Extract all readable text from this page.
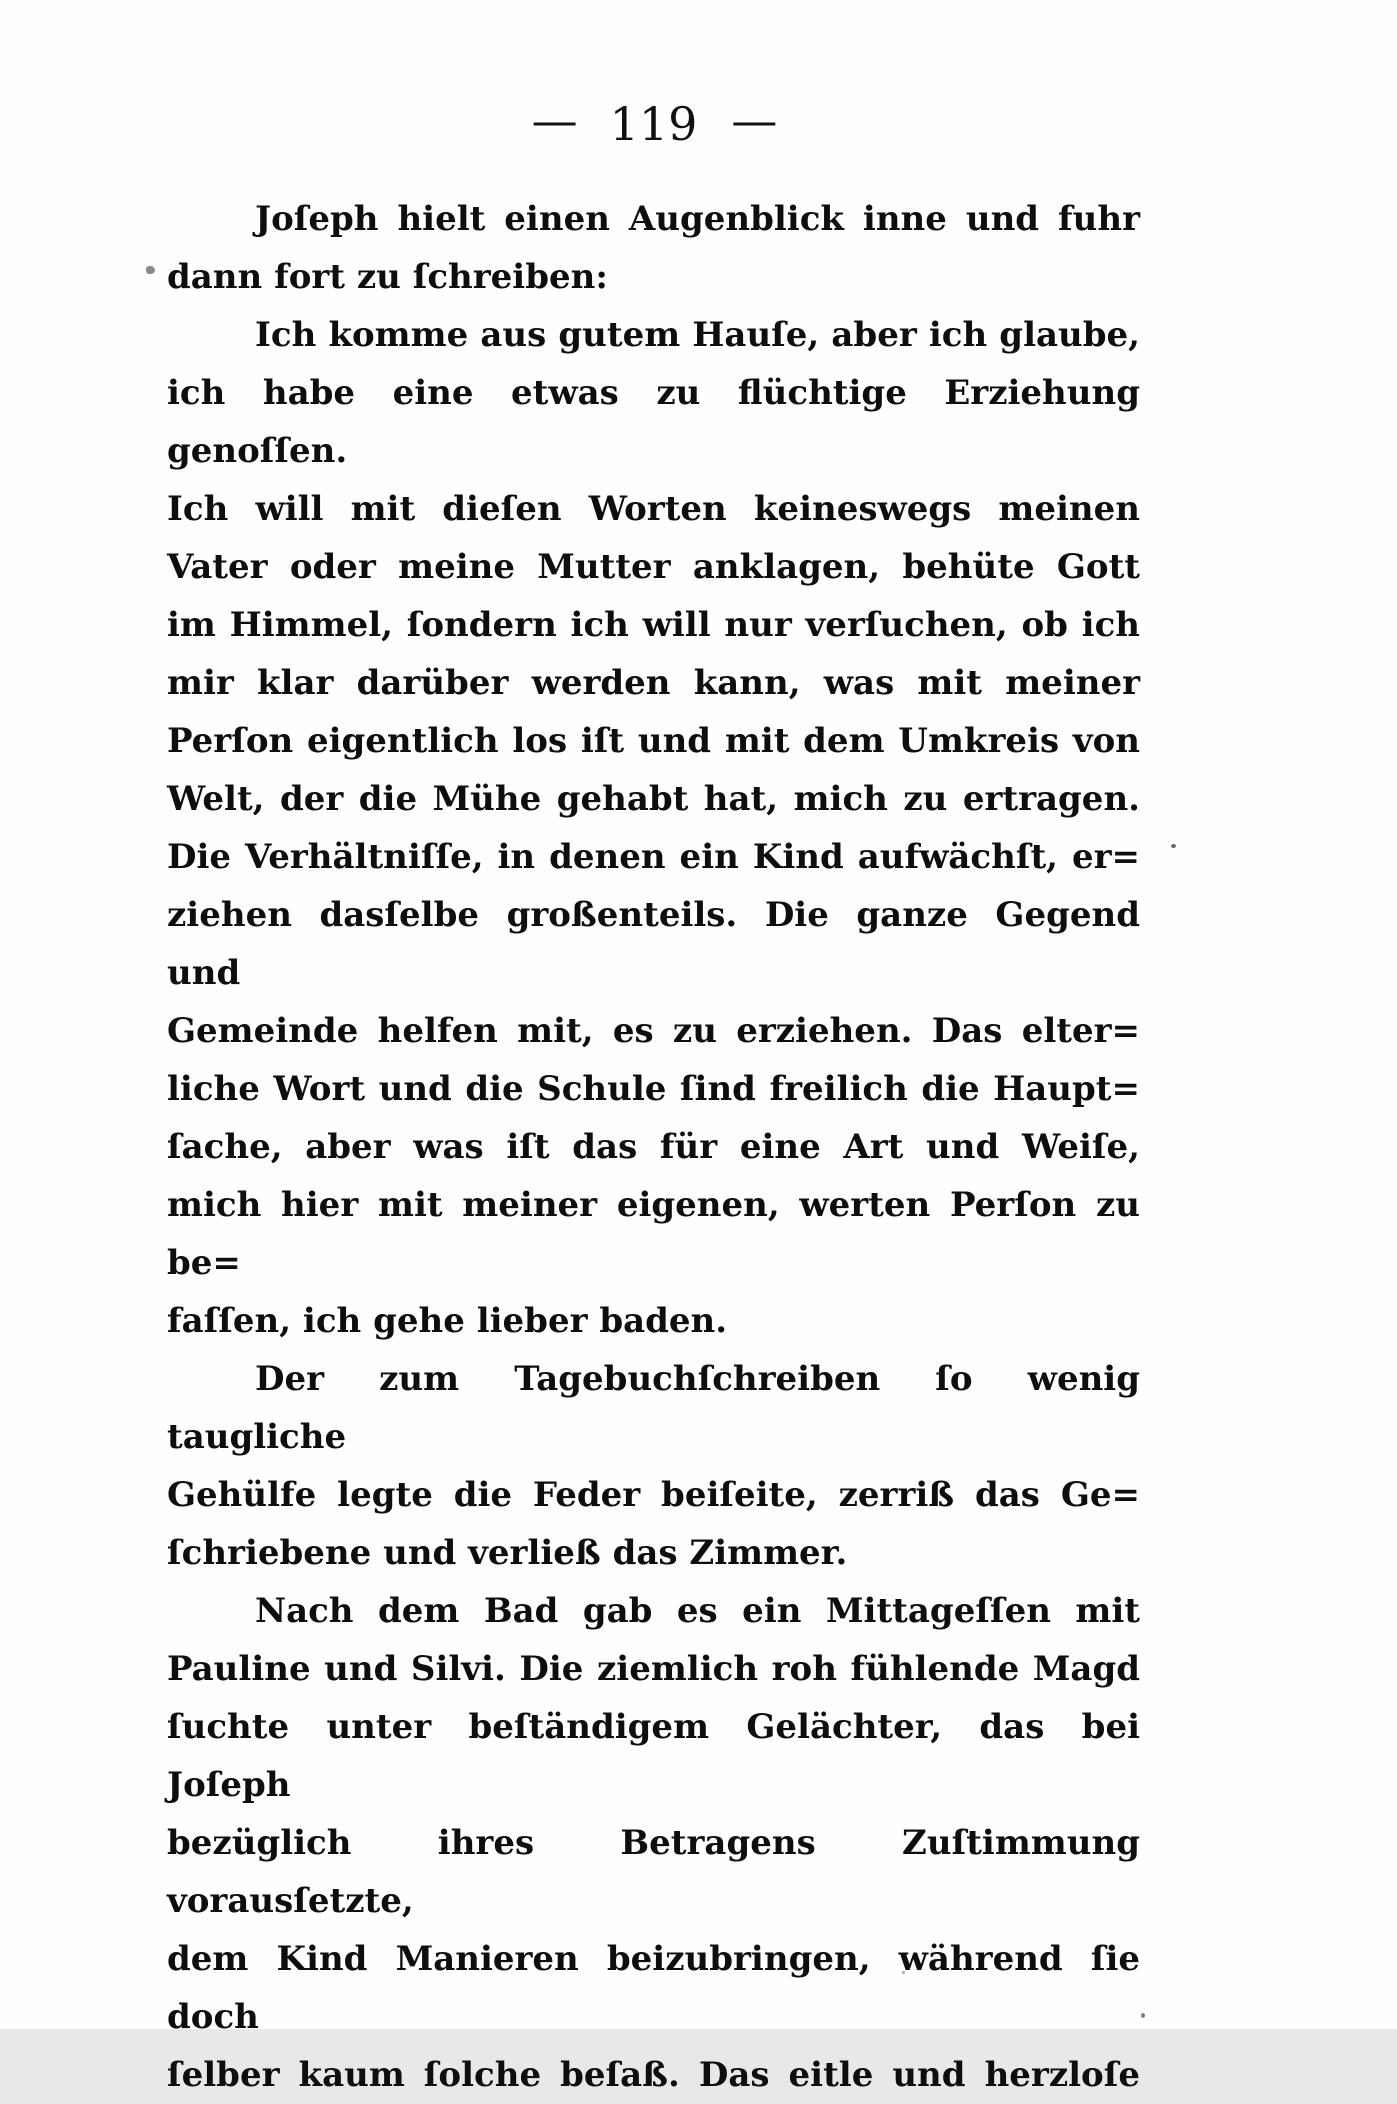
— 119 —
Joſeph hielt einen Augenblick inne und fuhr
dann fort zu ſchreiben:
Ich komme aus gutem Hauſe, aber ich glaube,
ich habe eine etwas zu flüchtige Erziehung genoſſen.
Ich will mit dieſen Worten keineswegs meinen
Vater oder meine Mutter anklagen, behüte Gott
im Himmel, ſondern ich will nur verſuchen, ob ich
mir klar darüber werden kann, was mit meiner
Perſon eigentlich los iſt und mit dem Umkreis von
Welt, der die Mühe gehabt hat, mich zu ertragen.
Die Verhältniſſe, in denen ein Kind aufwächſt, er=
ziehen dasſelbe großenteils. Die ganze Gegend und
Gemeinde helfen mit, es zu erziehen. Das elter=
liche Wort und die Schule ſind freilich die Haupt=
ſache, aber was iſt das für eine Art und Weiſe,
mich hier mit meiner eigenen, werten Perſon zu be=
faſſen, ich gehe lieber baden.
Der zum Tagebuchſchreiben ſo wenig taugliche
Gehülfe legte die Feder beiſeite, zerriß das Ge=
ſchriebene und verließ das Zimmer.
Nach dem Bad gab es ein Mittageſſen mit
Pauline und Silvi. Die ziemlich roh fühlende Magd
ſuchte unter beſtändigem Gelächter, das bei Joſeph
bezüglich ihres Betragens Zuſtimmung vorausſetzte,
dem Kind Manieren beizubringen, während ſie doch
ſelber kaum ſolche beſaß. Das eitle und herzloſe
